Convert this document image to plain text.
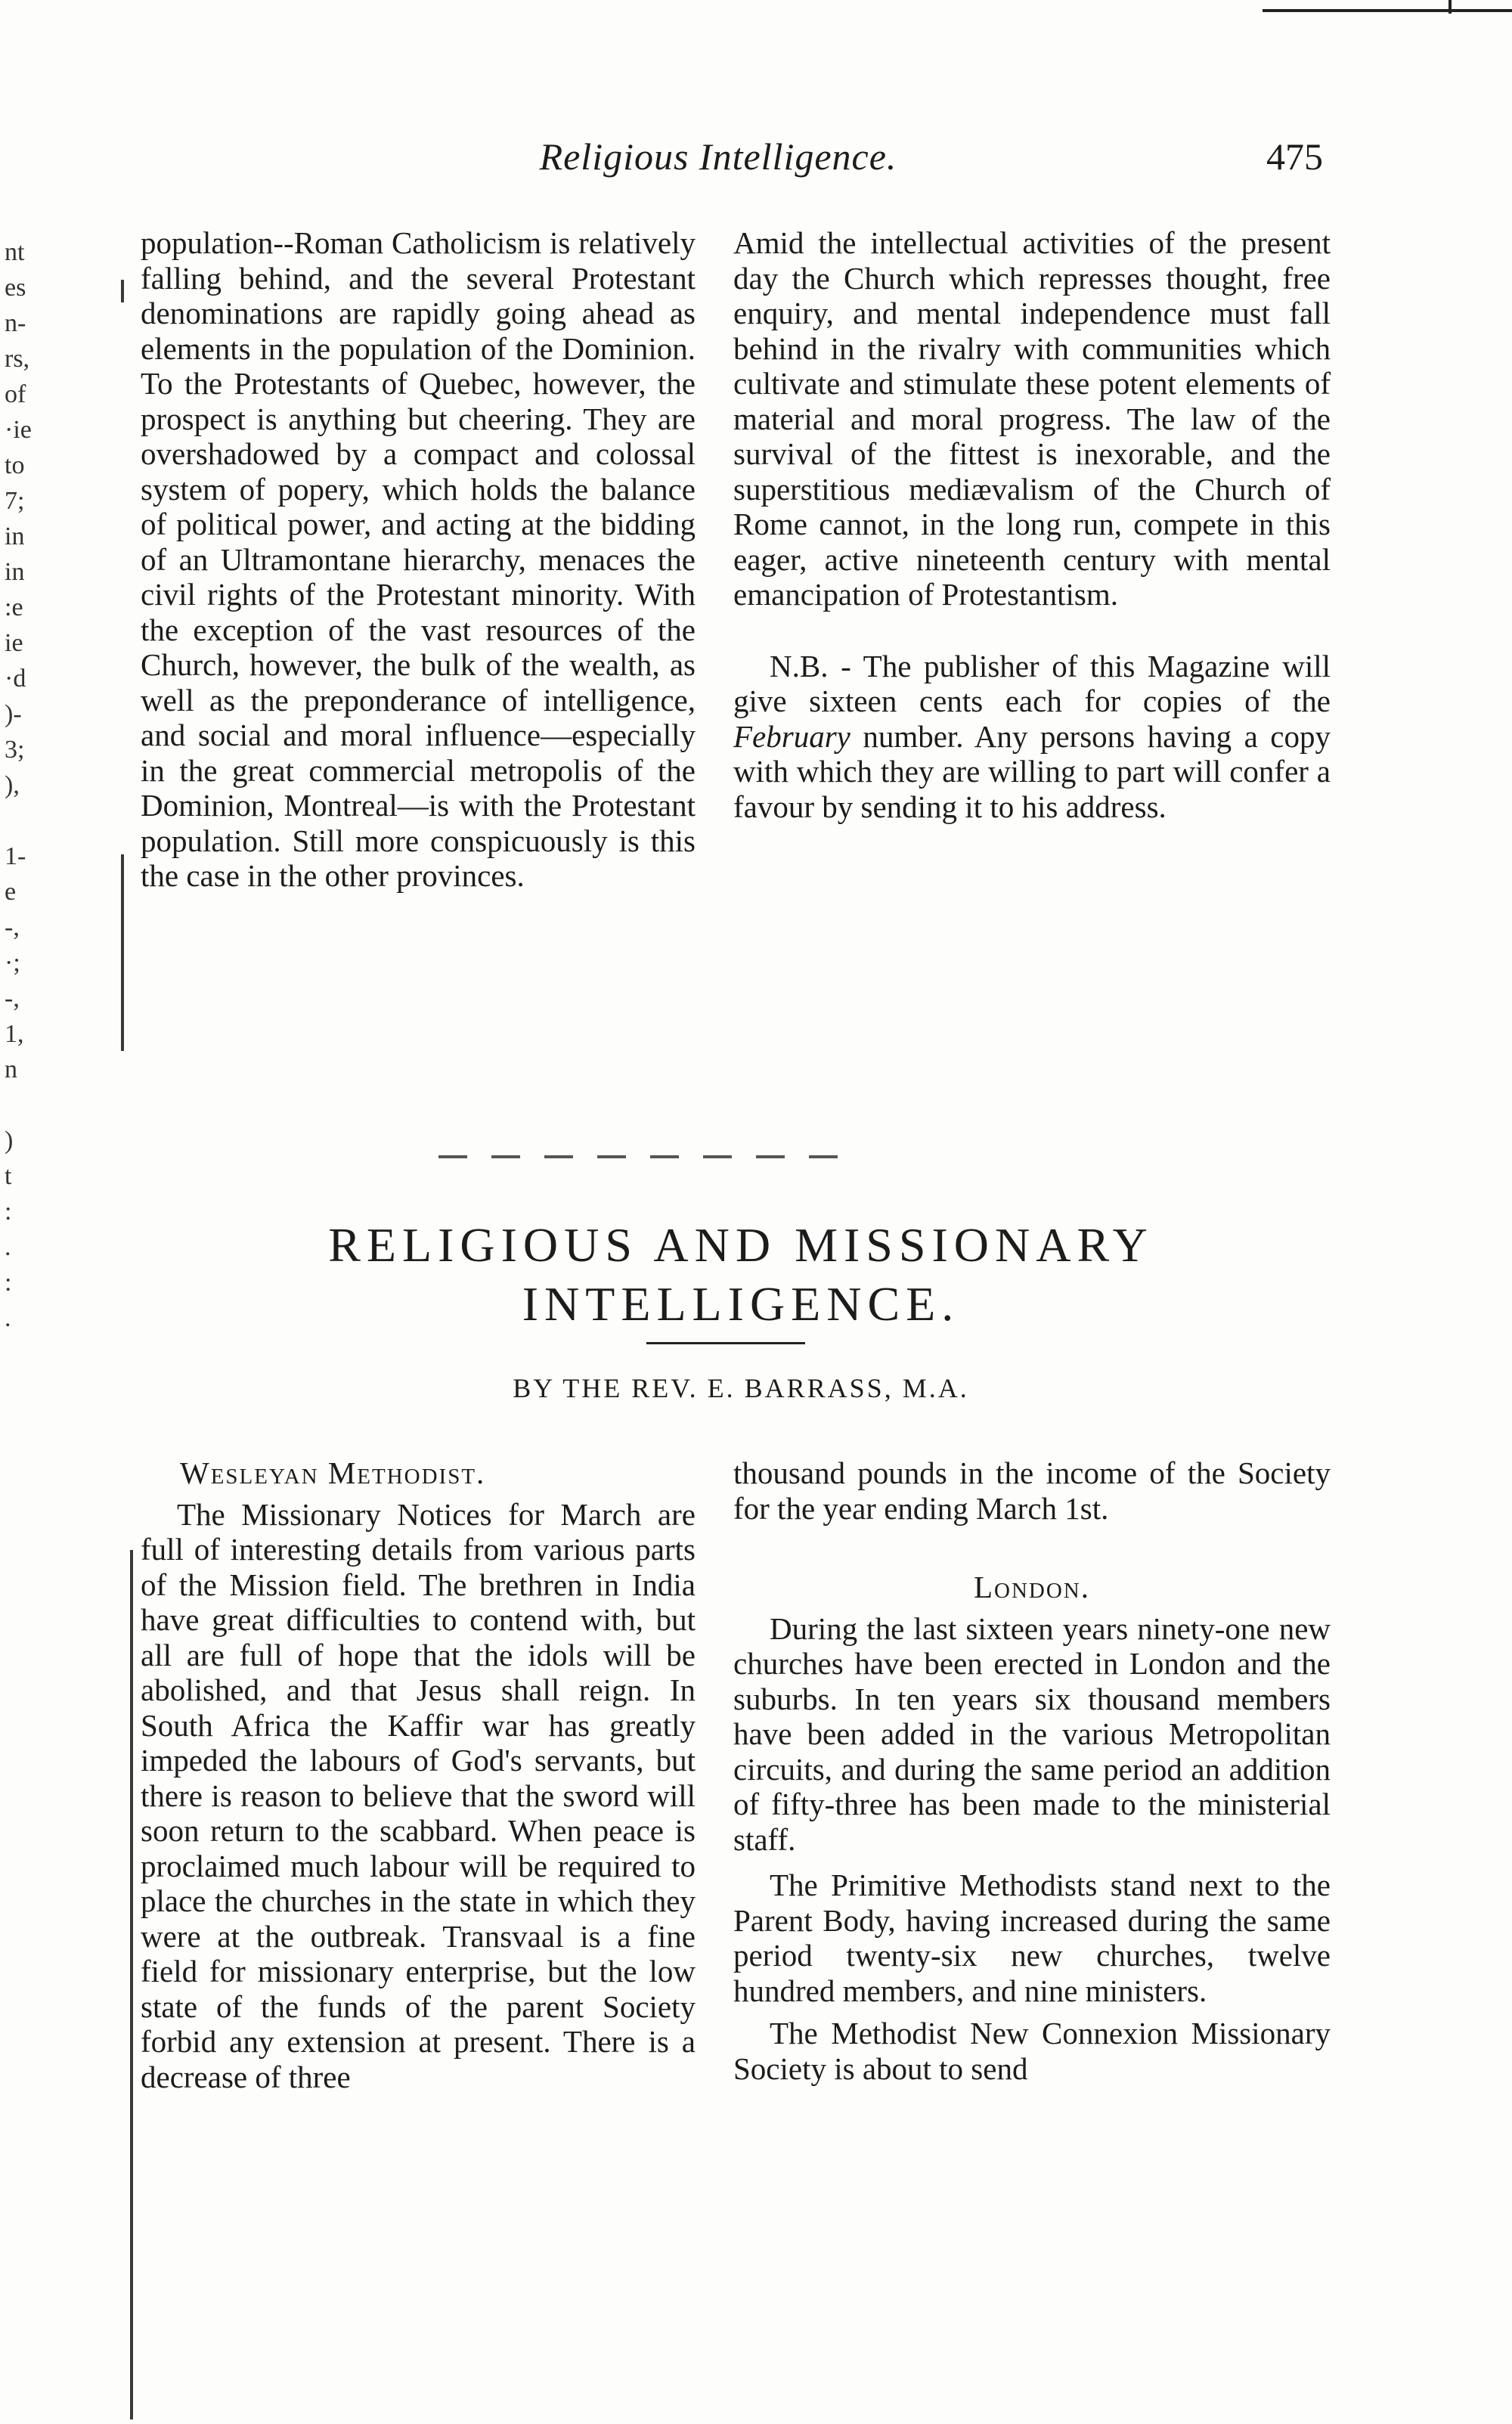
Religious Intelligence.	475
nt
es
n-
rs,
of
·ie
to
7;
in
in
:e
ie
·d
)-
3;
),

1-
e
-,
·;
-,
1,
n

)
t
:
.
:
.

population--Roman Catholicism is relatively falling behind, and the several Protestant denominations are rapidly going ahead as elements in the population of the Dominion. To the Protestants of Quebec, however, the prospect is anything but cheering. They are overshadowed by a compact and colossal system of popery, which holds the balance of political power, and acting at the bidding of an Ultramontane hierarchy, menaces the civil rights of the Protestant minority. With the exception of the vast resources of the Church, however, the bulk of the wealth, as well as the preponderance of intelligence, and social and moral influence—especially in the great commercial metropolis of the Dominion, Montreal—is with the Protestant population. Still more conspicuously is this the case in the other provinces.

Amid the intellectual activities of the present day the Church which represses thought, free enquiry, and mental independence must fall behind in the rivalry with communities which cultivate and stimulate these potent elements of material and moral progress. The law of the survival of the fittest is inexorable, and the superstitious mediævalism of the Church of Rome cannot, in the long run, compete in this eager, active nineteenth century with mental emancipation of Protestantism.

N.B. - The publisher of this Magazine will give sixteen cents each for copies of the February number. Any persons having a copy with which they are willing to part will confer a favour by sending it to his address.

RELIGIOUS AND MISSIONARY
INTELLIGENCE.
BY THE REV. E. BARRASS, M.A.

Wesleyan Methodist.

The Missionary Notices for March are full of interesting details from various parts of the Mission field. The brethren in India have great difficulties to contend with, but all are full of hope that the idols will be abolished, and that Jesus shall reign. In South Africa the Kaffir war has greatly impeded the labours of God's servants, but there is reason to believe that the sword will soon return to the scabbard. When peace is proclaimed much labour will be required to place the churches in the state in which they were at the outbreak. Transvaal is a fine field for missionary enterprise, but the low state of the funds of the parent Society forbid any extension at present. There is a decrease of three

thousand pounds in the income of the Society for the year ending March 1st.

London.

During the last sixteen years ninety-one new churches have been erected in London and the suburbs. In ten years six thousand members have been added in the various Metropolitan circuits, and during the same period an addition of fifty-three has been made to the ministerial staff.

The Primitive Methodists stand next to the Parent Body, having increased during the same period twenty-six new churches, twelve hundred members, and nine ministers.

The Methodist New Connexion Missionary Society is about to send
